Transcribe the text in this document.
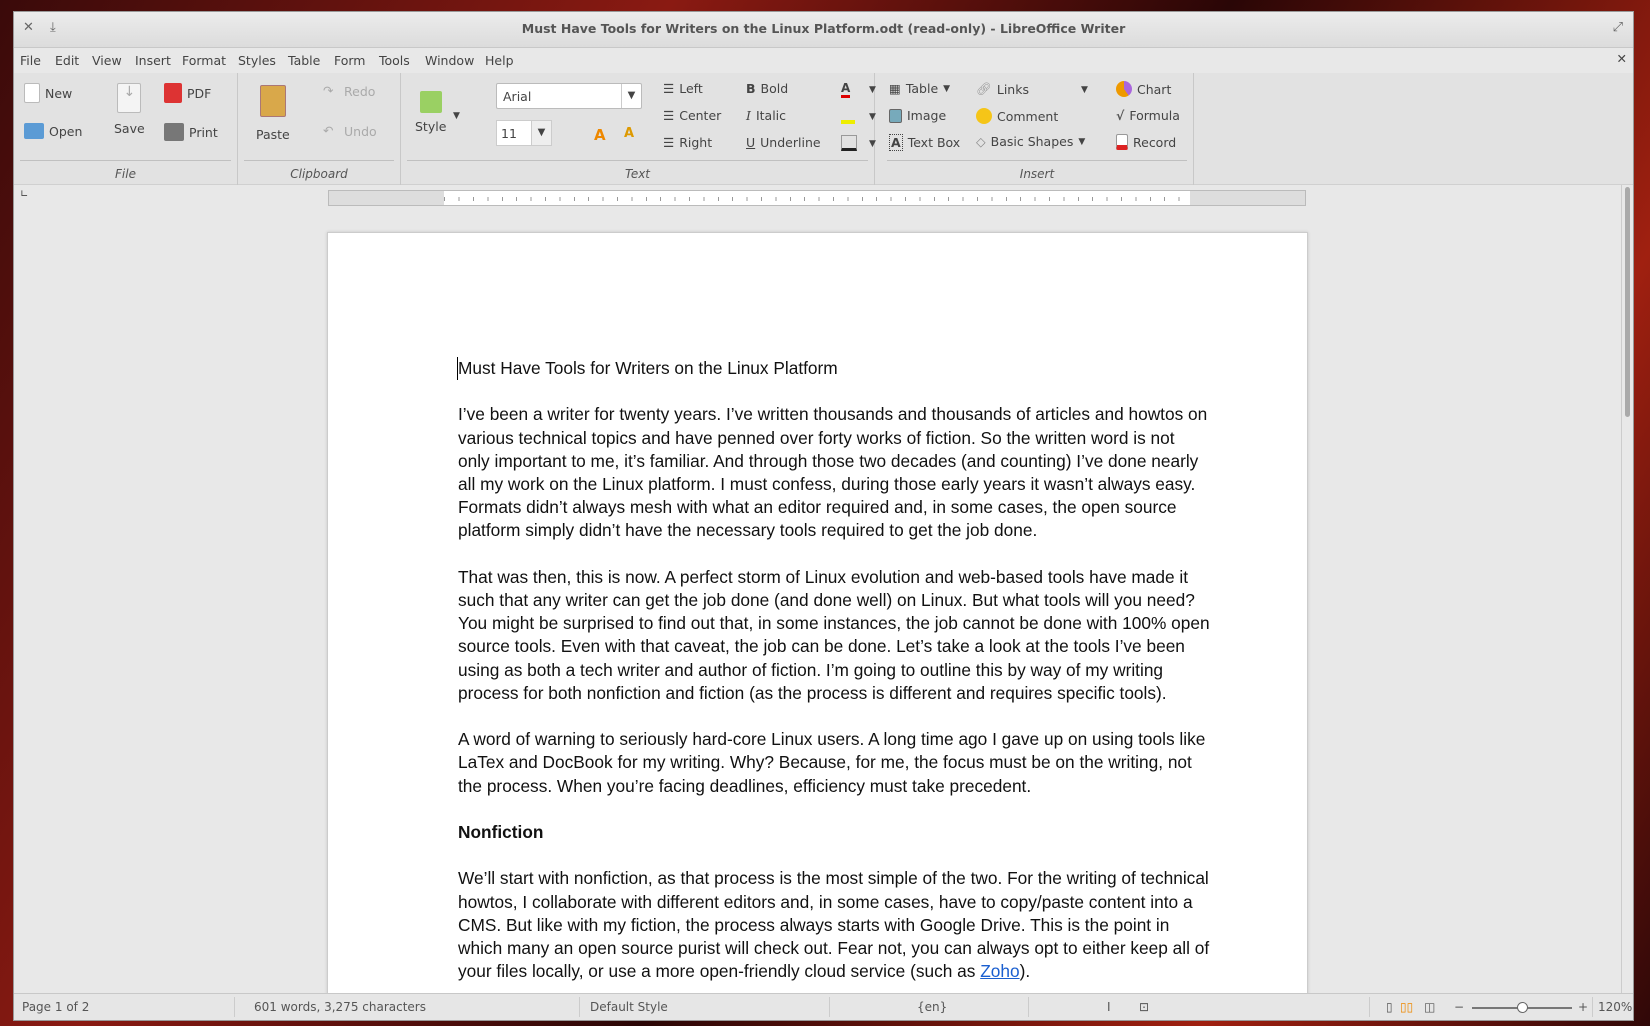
✕ ⤓	Must Have Tools for Writers on the Linux Platform.odt (read-only) - LibreOffice Writer	⤢
File Edit View Insert Format Styles Table Form Tools Window Help	✕
New
Open
↓
Save
PDF
Print
File
Paste
↷ Redo
↶ Undo
Clipboard
Style
▼
Arial	▼
11	▼	A A
☰ Left
☰ Center
☰ Right
B Bold
I Italic
U Underline
A ▼
▼
▼
Text
▦ Table ▼
Image
A Text Box
🔗︎ Links	▼
Comment
◇ Basic Shapes ▼
Chart
√ Formula
Record
Insert
∟

Must Have Tools for Writers on the Linux Platform

I’ve been a writer for twenty years. I’ve written thousands and thousands of articles and howtos on various technical topics and have penned over forty works of fiction. So the written word is not only important to me, it’s familiar. And through those two decades (and counting) I’ve done nearly all my work on the Linux platform. I must confess, during those early years it wasn’t always easy. Formats didn’t always mesh with what an editor required and, in some cases, the open source platform simply didn’t have the necessary tools required to get the job done.

That was then, this is now. A perfect storm of Linux evolution and web-based tools have made it such that any writer can get the job done (and done well) on Linux. But what tools will you need? You might be surprised to find out that, in some instances, the job cannot be done with 100% open source tools. Even with that caveat, the job can be done. Let’s take a look at the tools I’ve been using as both a tech writer and author of fiction. I’m going to outline this by way of my writing process for both nonfiction and fiction (as the process is different and requires specific tools).

A word of warning to seriously hard-core Linux users. A long time ago I gave up on using tools like LaTex and DocBook for my writing. Why? Because, for me, the focus must be on the writing, not the process. When you’re facing deadlines, efficiency must take precedent.

Nonfiction

We’ll start with nonfiction, as that process is the most simple of the two. For the writing of technical howtos, I collaborate with different editors and, in some cases, have to copy/paste content into a CMS. But like with my fiction, the process always starts with Google Drive. This is the point in which many an open source purist will check out. Fear not, you can always opt to either keep all of your files locally, or use a more open-friendly cloud service (such as Zoho).

Page 1 of 2	601 words, 3,275 characters	Default Style	{en}	I ⊡	▯ ▯▯ ◫ −	+ 120%
